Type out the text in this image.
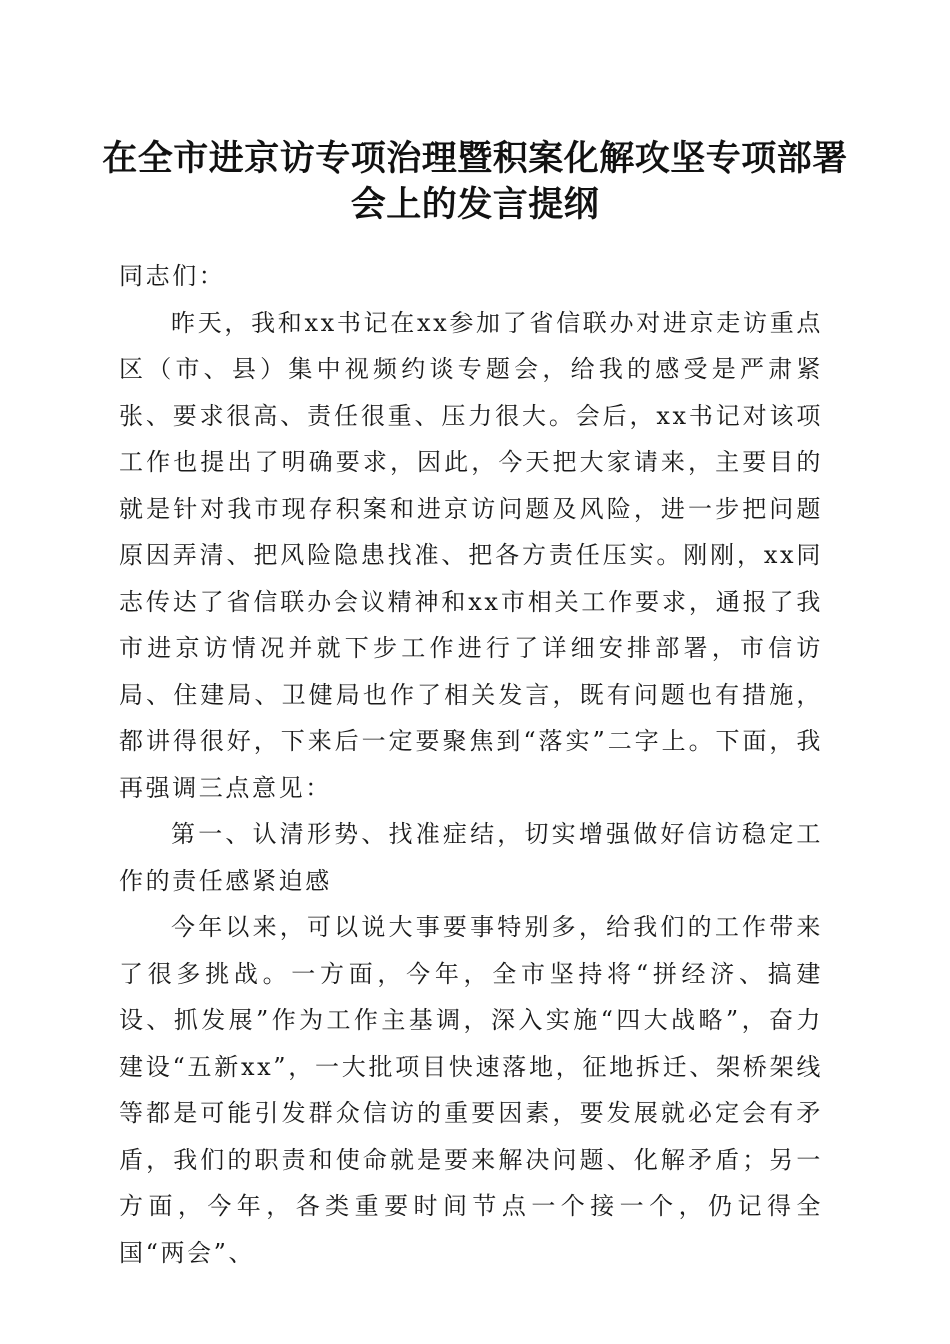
在全市进京访专项治理暨积案化解攻坚专项部署会上的发言提纲

同志们：

昨天，我和xx书记在xx参加了省信联办对进京走访重点区（市、县）集中视频约谈专题会，给我的感受是严肃紧张、要求很高、责任很重、压力很大。会后，xx书记对该项工作也提出了明确要求，因此，今天把大家请来，主要目的就是针对我市现存积案和进京访问题及风险，进一步把问题原因弄清、把风险隐患找准、把各方责任压实。刚刚，xx同志传达了省信联办会议精神和xx市相关工作要求，通报了我市进京访情况并就下步工作进行了详细安排部署，市信访局、住建局、卫健局也作了相关发言，既有问题也有措施，都讲得很好，下来后一定要聚焦到“落实”二字上。下面，我再强调三点意见：

第一、认清形势、找准症结，切实增强做好信访稳定工作的责任感紧迫感

今年以来，可以说大事要事特别多，给我们的工作带来了很多挑战。一方面，今年，全市坚持将“拼经济、搞建设、抓发展”作为工作主基调，深入实施“四大战略”，奋力建设“五新xx”，一大批项目快速落地，征地拆迁、架桥架线等都是可能引发群众信访的重要因素，要发展就必定会有矛盾，我们的职责和使命就是要来解决问题、化解矛盾；另一方面，今年，各类重要时间节点一个接一个，仍记得全国“两会”、
